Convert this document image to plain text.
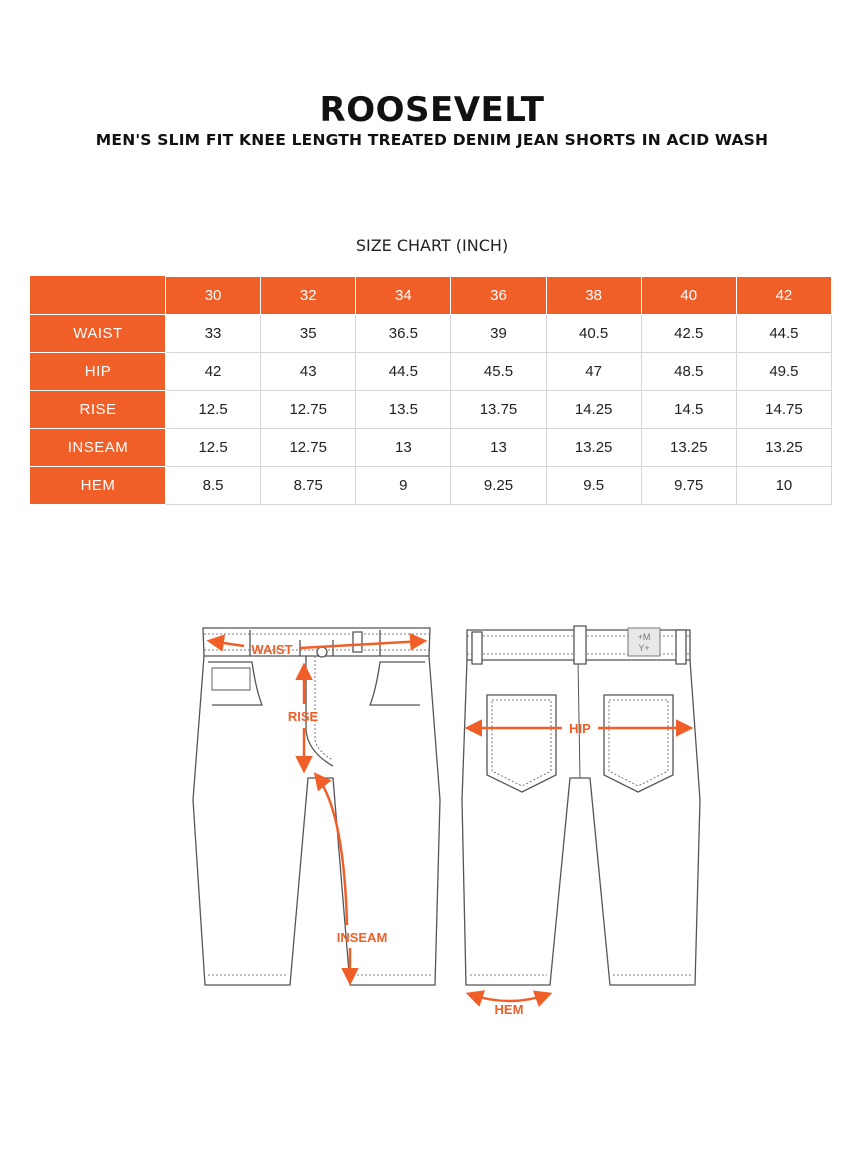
ROOSEVELT
MEN'S SLIM FIT KNEE LENGTH TREATED DENIM JEAN SHORTS IN ACID WASH
SIZE CHART (INCH)
	30	32	34	36	38	40	42
WAIST	33	35	36.5	39	40.5	42.5	44.5
HIP	42	43	44.5	45.5	47	48.5	49.5
RISE	12.5	12.75	13.5	13.75	14.25	14.5	14.75
INSEAM	12.5	12.75	13	13	13.25	13.25	13.25
HEM	8.5	8.75	9	9.25	9.5	9.75	10
+M
Y+
WAIST
RISE
INSEAM
HIP
HEM
